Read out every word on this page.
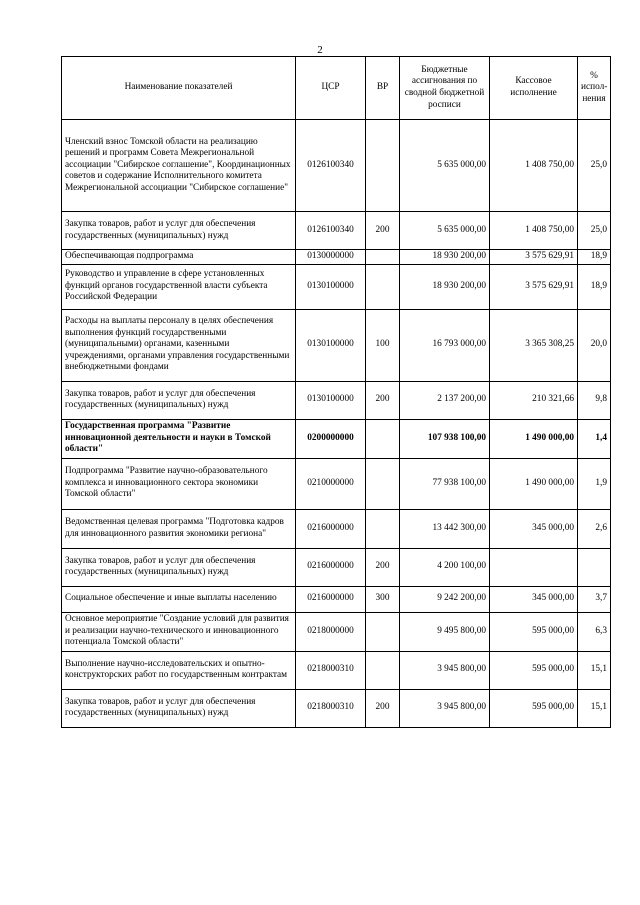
2
Наименование показателей	ЦСР	ВР	Бюджетные ассигнования по сводной бюджетной росписи	Кассовое исполнение	% испол-нения
Членский взнос Томской области на реализацию решений и программ Совета Межрегиональной ассоциации "Сибирское соглашение", Координационных советов и содержание Исполнительного комитета Межрегиональной ассоциации "Сибирское соглашение"	0126100340		5 635 000,00	1 408 750,00	25,0
Закупка товаров, работ и услуг для обеспечения государственных (муниципальных) нужд	0126100340	200	5 635 000,00	1 408 750,00	25,0
Обеспечивающая подпрограмма	0130000000		18 930 200,00	3 575 629,91	18,9
Руководство и управление в сфере установленных функций органов государственной власти субъекта Российской Федерации	0130100000		18 930 200,00	3 575 629,91	18,9
Расходы на выплаты персоналу в целях обеспечения выполнения функций государственными (муниципальными) органами, казенными учреждениями, органами управления государственными внебюджетными фондами	0130100000	100	16 793 000,00	3 365 308,25	20,0
Закупка товаров, работ и услуг для обеспечения государственных (муниципальных) нужд	0130100000	200	2 137 200,00	210 321,66	9,8
Государственная программа "Развитие инновационной деятельности и науки в Томской области"	0200000000		107 938 100,00	1 490 000,00	1,4
Подпрограмма "Развитие научно-образовательного комплекса и инновационного сектора экономики Томской области"	0210000000		77 938 100,00	1 490 000,00	1,9
Ведомственная целевая программа "Подготовка кадров для инновационного развития экономики региона"	0216000000		13 442 300,00	345 000,00	2,6
Закупка товаров, работ и услуг для обеспечения государственных (муниципальных) нужд	0216000000	200	4 200 100,00		
Социальное обеспечение и иные выплаты населению	0216000000	300	9 242 200,00	345 000,00	3,7
Основное мероприятие "Создание условий для развития и реализации научно-технического и инновационного потенциала Томской области"	0218000000		9 495 800,00	595 000,00	6,3
Выполнение научно-исследовательских и опытно-конструкторских работ по государственным контрактам	0218000310		3 945 800,00	595 000,00	15,1
Закупка товаров, работ и услуг для обеспечения государственных (муниципальных) нужд	0218000310	200	3 945 800,00	595 000,00	15,1
